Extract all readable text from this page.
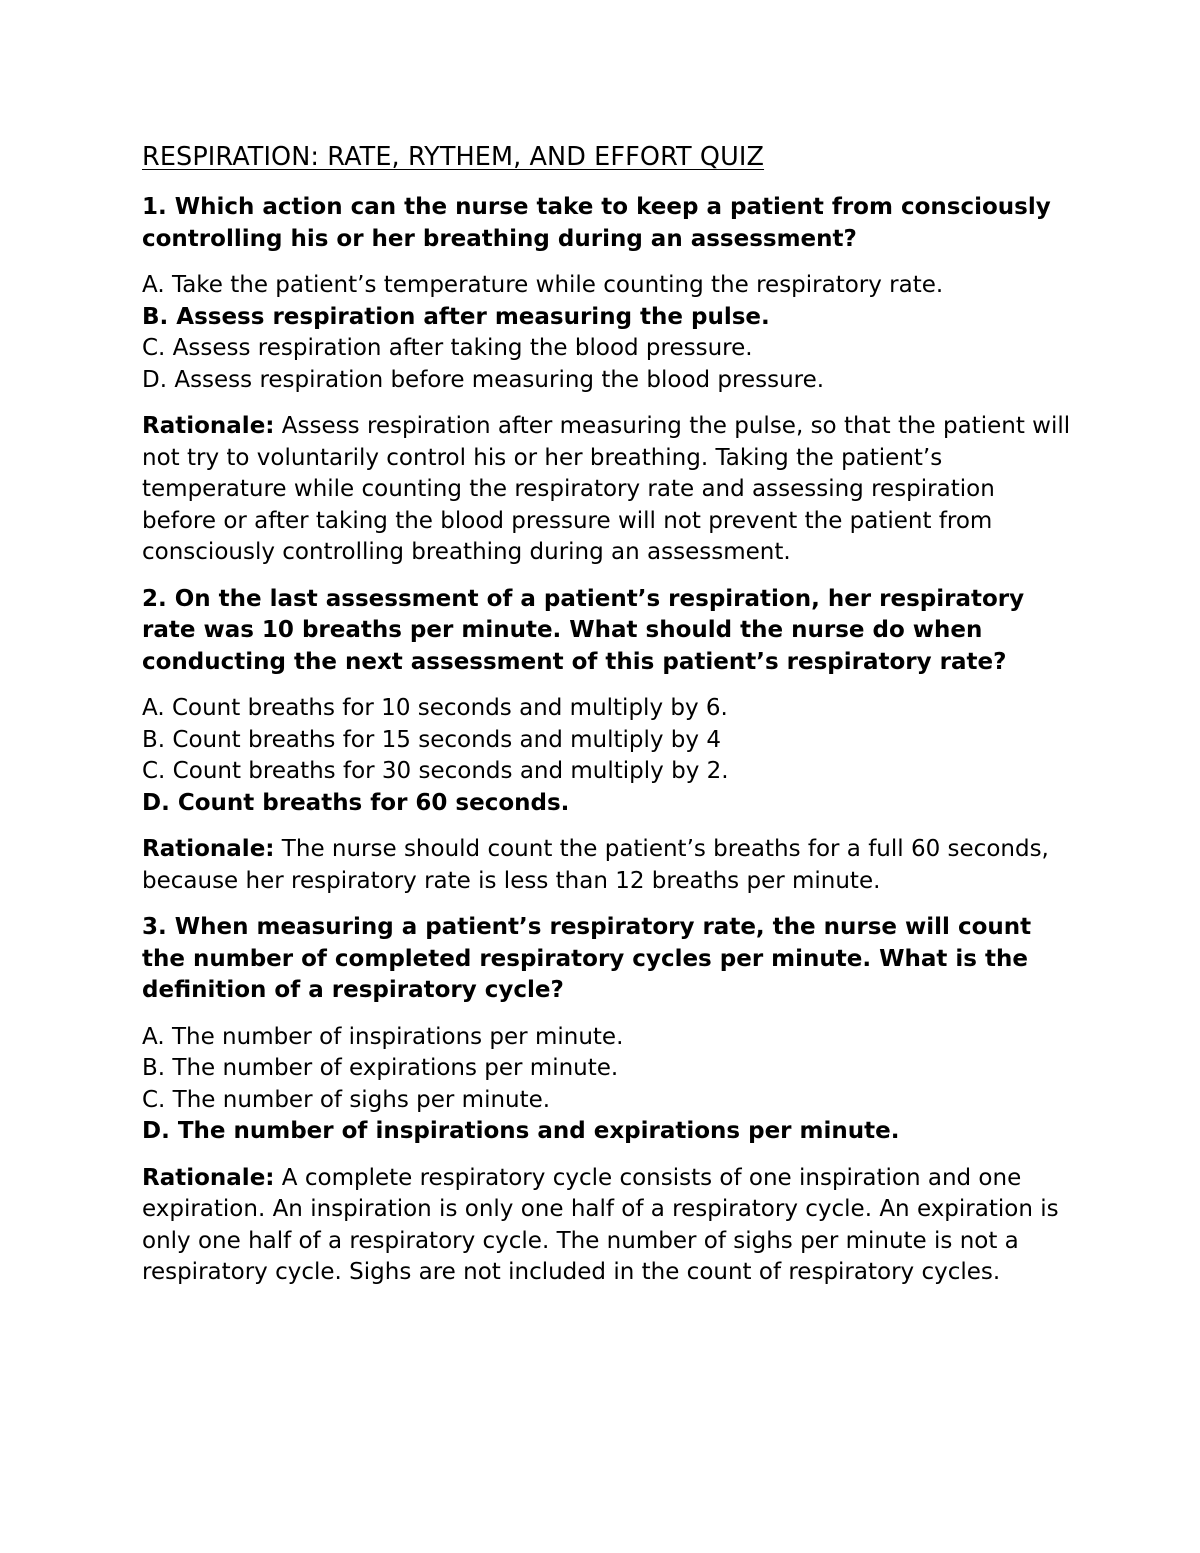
RESPIRATION: RATE, RYTHEM, AND EFFORT QUIZ

1. Which action can the nurse take to keep a patient from consciously controlling his or her breathing during an assessment?

A. Take the patient’s temperature while counting the respiratory rate.
B. Assess respiration after measuring the pulse.
C. Assess respiration after taking the blood pressure.
D. Assess respiration before measuring the blood pressure.

Rationale: Assess respiration after measuring the pulse, so that the patient will not try to voluntarily control his or her breathing. Taking the patient’s temperature while counting the respiratory rate and assessing respiration before or after taking the blood pressure will not prevent the patient from consciously controlling breathing during an assessment.

2. On the last assessment of a patient’s respiration, her respiratory rate was 10 breaths per minute. What should the nurse do when conducting the next assessment of this patient’s respiratory rate?

A. Count breaths for 10 seconds and multiply by 6.
B. Count breaths for 15 seconds and multiply by 4
C. Count breaths for 30 seconds and multiply by 2.
D. Count breaths for 60 seconds.

Rationale: The nurse should count the patient’s breaths for a full 60 seconds, because her respiratory rate is less than 12 breaths per minute.

3. When measuring a patient’s respiratory rate, the nurse will count the number of completed respiratory cycles per minute. What is the definition of a respiratory cycle?

A. The number of inspirations per minute.
B. The number of expirations per minute.
C. The number of sighs per minute.
D. The number of inspirations and expirations per minute.

Rationale: A complete respiratory cycle consists of one inspiration and one expiration. An inspiration is only one half of a respiratory cycle. An expiration is only one half of a respiratory cycle. The number of sighs per minute is not a respiratory cycle. Sighs are not included in the count of respiratory cycles.
